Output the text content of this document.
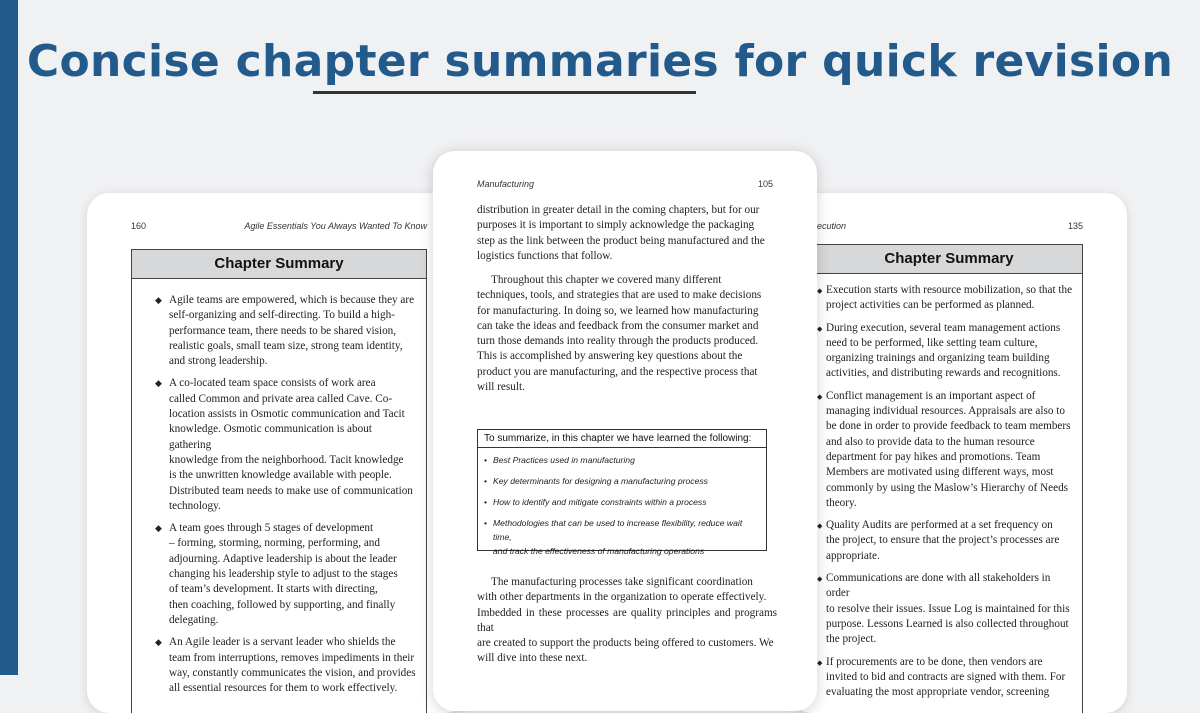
Concise chapter summaries for quick revision
160	Agile Essentials You Always Wanted To Know
Chapter Summary
◆ Agile teams are empowered, which is because they are
self-organizing and self-directing. To build a high-
performance team, there needs to be shared vision,
realistic goals, small team size, strong team identity,
and strong leadership.
◆ A co-located team space consists of work area
called Common and private area called Cave. Co-
location assists in Osmotic communication and Tacit
knowledge. Osmotic communication is about gathering
knowledge from the neighborhood. Tacit knowledge
is the unwritten knowledge available with people.
Distributed team needs to make use of communication
technology.
◆ A team goes through 5 stages of development
– forming, storming, norming, performing, and
adjourning. Adaptive leadership is about the leader
changing his leadership style to adjust to the stages
of team’s development. It starts with directing,
then coaching, followed by supporting, and finally
delegating.
◆ An Agile leader is a servant leader who shields the
team from interruptions, removes impediments in their
way, constantly communicates the vision, and provides
all essential resources for them to work effectively.
Manufacturing	105
distribution in greater detail in the coming chapters, but for our
purposes it is important to simply acknowledge the packaging
step as the link between the product being manufactured and the
logistics functions that follow.
Throughout this chapter we covered many different
techniques, tools, and strategies that are used to make decisions
for manufacturing. In doing so, we learned how manufacturing
can take the ideas and feedback from the consumer market and
turn those demands into reality through the products produced.
This is accomplished by answering key questions about the
product you are manufacturing, and the respective process that
will result.
To summarize, in this chapter we have learned the following:
• Best Practices used in manufacturing
• Key determinants for designing a manufacturing process
• How to identify and mitigate constraints within a process
• Methodologies that can be used to increase flexibility, reduce wait time,
and track the effectiveness of manufacturing operations
The manufacturing processes take significant coordination
with other departments in the organization to operate effectively.
Imbedded in these processes are quality principles and programs that
are created to support the products being offered to customers. We
will dive into these next.
ecution	135
Chapter Summary
◆ Execution starts with resource mobilization, so that the
project activities can be performed as planned.
◆ During execution, several team management actions
need to be performed, like setting team culture,
organizing trainings and organizing team building
activities, and distributing rewards and recognitions.
◆ Conflict management is an important aspect of
managing individual resources. Appraisals are also to
be done in order to provide feedback to team members
and also to provide data to the human resource
department for pay hikes and promotions. Team
Members are motivated using different ways, most
commonly by using the Maslow’s Hierarchy of Needs
theory.
◆ Quality Audits are performed at a set frequency on
the project, to ensure that the project’s processes are
appropriate.
◆ Communications are done with all stakeholders in order
to resolve their issues. Issue Log is maintained for this
purpose. Lessons Learned is also collected throughout
the project.
◆ If procurements are to be done, then vendors are
invited to bid and contracts are signed with them. For
evaluating the most appropriate vendor, screening
